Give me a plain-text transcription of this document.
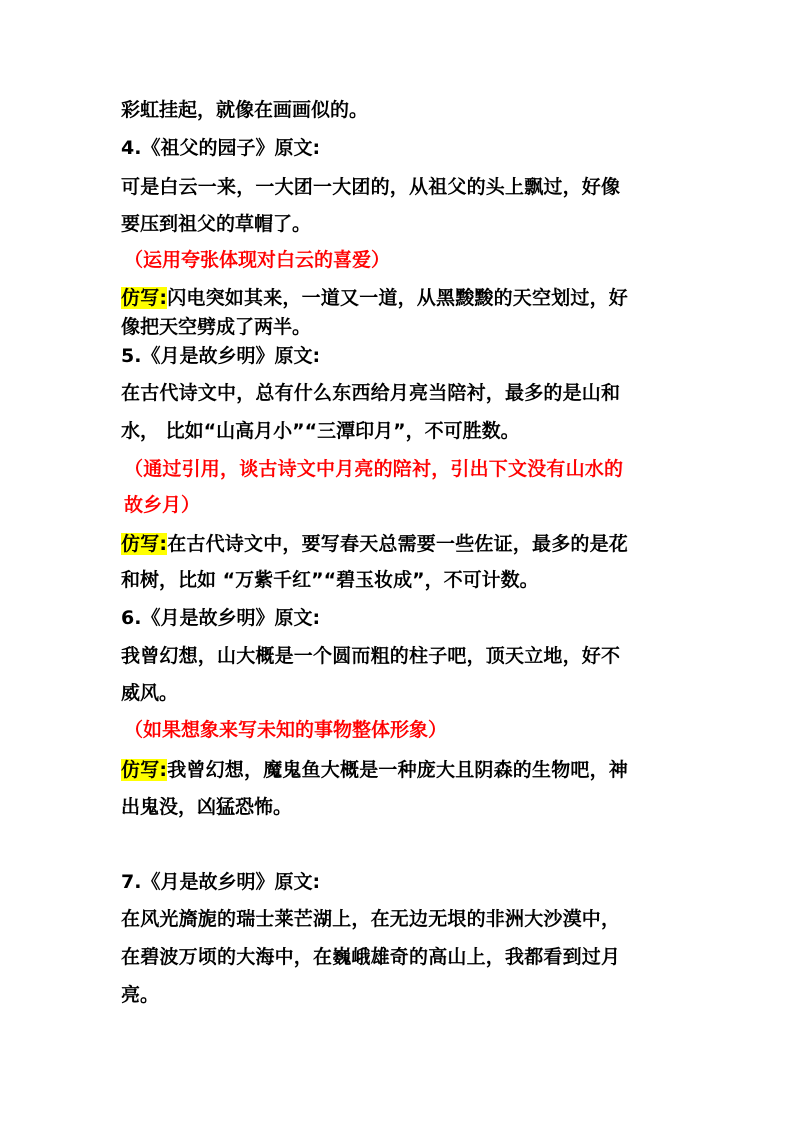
彩虹挂起，就像在画画似的。

4.《祖父的园子》原文:

可是白云一来，一大团一大团的，从祖父的头上飘过，好像

要压到祖父的草帽了。

（运用夸张体现对白云的喜爱）

仿写:闪电突如其来，一道又一道，从黑黢黢的天空划过，好

像把天空劈成了两半。

5.《月是故乡明》原文:

在古代诗文中，总有什么东西给月亮当陪衬，最多的是山和

水， 比如“山高月小”“三潭印月”，不可胜数。

（通过引用，谈古诗文中月亮的陪衬，引出下文没有山水的

故乡月）

仿写:在古代诗文中，要写春天总需要一些佐证，最多的是花

和树，比如 “万紫千红”“碧玉妆成”，不可计数。

6.《月是故乡明》原文:

我曾幻想，山大概是一个圆而粗的柱子吧，顶天立地，好不

威风。

（如果想象来写未知的事物整体形象）

仿写:我曾幻想，魔鬼鱼大概是一种庞大且阴森的生物吧，神

出鬼没，凶猛恐怖。

7.《月是故乡明》原文:

在风光旖旎的瑞士莱芒湖上，在无边无垠的非洲大沙漠中，

在碧波万顷的大海中，在巍峨雄奇的高山上，我都看到过月

亮。
